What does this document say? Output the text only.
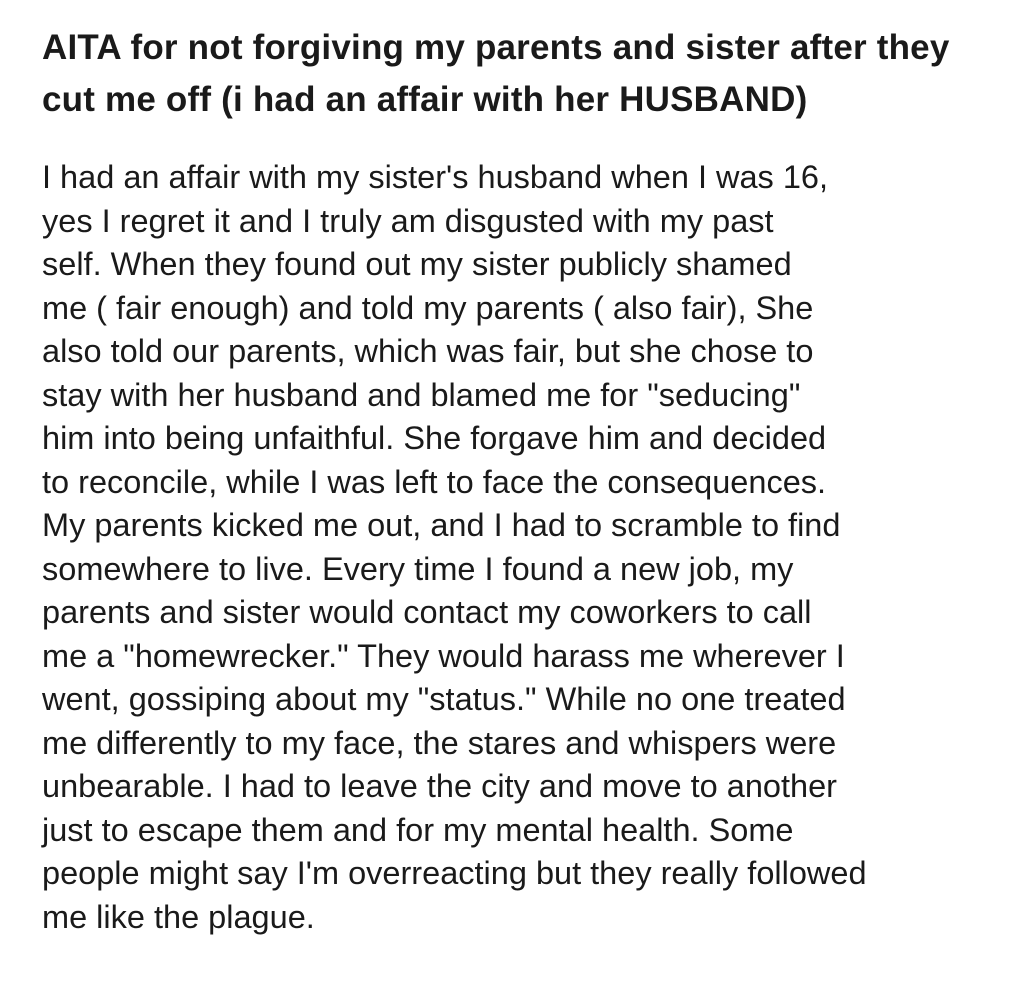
AITA for not forgiving my parents and sister after they cut me off (i had an affair with her HUSBAND)

I had an affair with my sister's husband when I was 16,
yes I regret it and I truly am disgusted with my past
self. When they found out my sister publicly shamed
me ( fair enough) and told my parents ( also fair), She
also told our parents, which was fair, but she chose to
stay with her husband and blamed me for "seducing"
him into being unfaithful. She forgave him and decided
to reconcile, while I was left to face the consequences.
My parents kicked me out, and I had to scramble to find
somewhere to live. Every time I found a new job, my
parents and sister would contact my coworkers to call
me a "homewrecker." They would harass me wherever I
went, gossiping about my "status." While no one treated
me differently to my face, the stares and whispers were
unbearable. I had to leave the city and move to another
just to escape them and for my mental health. Some
people might say I'm overreacting but they really followed
me like the plague.
